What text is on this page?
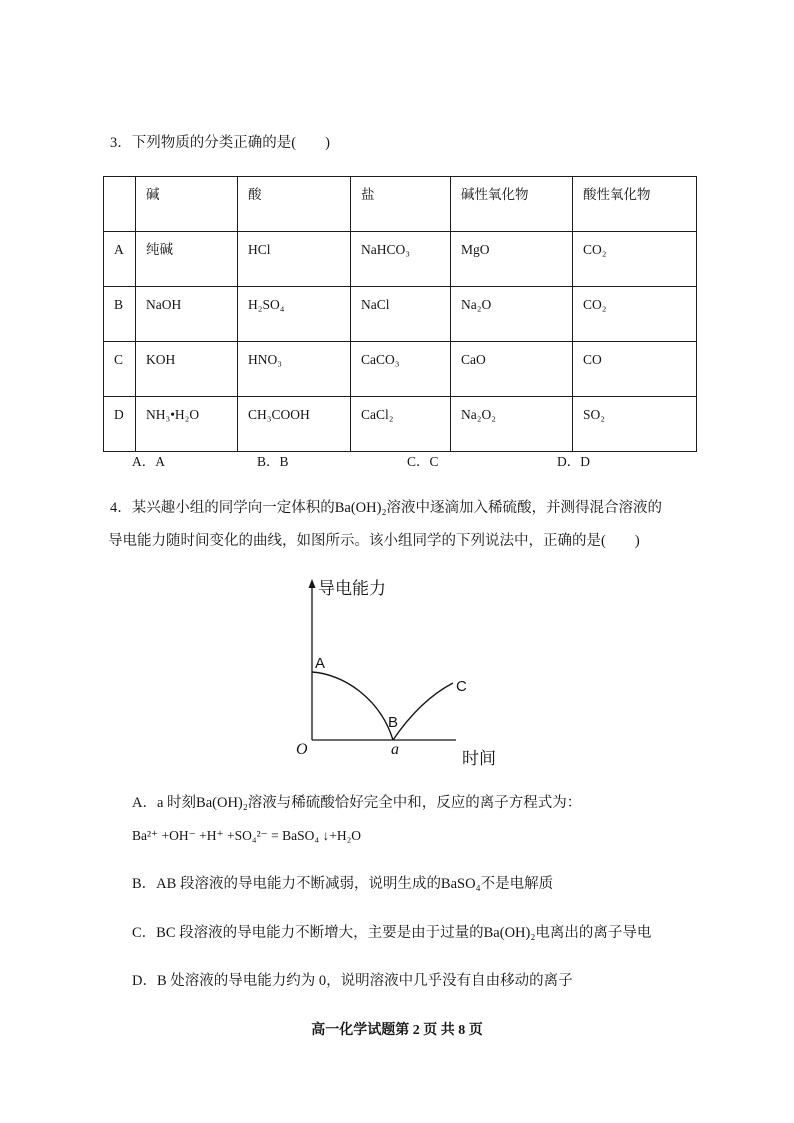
3．下列物质的分类正确的是(　　)
	碱	酸	盐	碱性氧化物	酸性氧化物
A	纯碱	HCl	NaHCO₃	MgO	CO₂
B	NaOH	H₂SO₄	NaCl	Na₂O	CO₂
C	KOH	HNO₃	CaCO₃	CaO	CO
D	NH₃•H₂O	CH₃COOH	CaCl₂	Na₂O₂	SO₂
A．A	B．B	C．C	D．D
4．某兴趣小组的同学向一定体积的Ba(OH)₂溶液中逐滴加入稀硫酸，并测得混合溶液的
导电能力随时间变化的曲线，如图所示。该小组同学的下列说法中，正确的是(　　)
导电能力
时间
O	a
A
B
C
A．a 时刻Ba(OH)₂溶液与稀硫酸恰好完全中和，反应的离子方程式为：
Ba²⁺ +OH⁻ +H⁺ +SO₄²⁻ = BaSO₄ ↓+H₂O
B．AB 段溶液的导电能力不断减弱，说明生成的BaSO₄不是电解质
C．BC 段溶液的导电能力不断增大，主要是由于过量的Ba(OH)₂电离出的离子导电
D．B 处溶液的导电能力约为 0，说明溶液中几乎没有自由移动的离子
高一化学试题第 2 页 共 8 页
